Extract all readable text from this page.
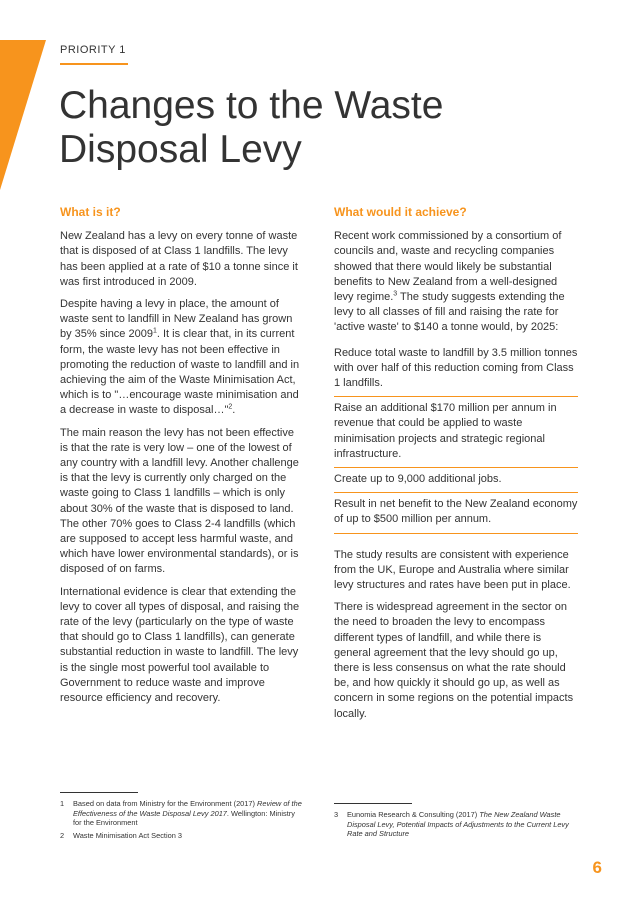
PRIORITY 1
Changes to the Waste
Disposal Levy
What is it?

New Zealand has a levy on every tonne of waste that is disposed of at Class 1 landfills. The levy has been applied at a rate of $10 a tonne since it was first introduced in 2009.

Despite having a levy in place, the amount of waste sent to landfill in New Zealand has grown by 35% since 2009$^1$. It is clear that, in its current form, the waste levy has not been effective in promoting the reduction of waste to landfill and in achieving the aim of the Waste Minimisation Act, which is to "…encourage waste minimisation and a decrease in waste to disposal…"$^2$.

The main reason the levy has not been effective is that the rate is very low – one of the lowest of any country with a landfill levy. Another challenge is that the levy is currently only charged on the waste going to Class 1 landfills – which is only about 30% of the waste that is disposed to land. The other 70% goes to Class 2-4 landfills (which are supposed to accept less harmful waste, and which have lower environmental standards), or is disposed of on farms.

International evidence is clear that extending the levy to cover all types of disposal, and raising the rate of the levy (particularly on the type of waste that should go to Class 1 landfills), can generate substantial reduction in waste to landfill. The levy is the single most powerful tool available to Government to reduce waste and improve resource efficiency and recovery.

What would it achieve?

Recent work commissioned by a consortium of councils and, waste and recycling companies showed that there would likely be substantial benefits to New Zealand from a well-designed levy regime.$^3$ The study suggests extending the levy to all classes of fill and raising the rate for 'active waste' to $140 a tonne would, by 2025:

Reduce total waste to landfill by 3.5 million tonnes with over half of this reduction coming from Class 1 landfills.
Raise an additional $170 million per annum in revenue that could be applied to waste minimisation projects and strategic regional infrastructure.
Create up to 9,000 additional jobs.
Result in net benefit to the New Zealand economy of up to $500 million per annum.

The study results are consistent with experience from the UK, Europe and Australia where similar levy structures and rates have been put in place.

There is widespread agreement in the sector on the need to broaden the levy to encompass different types of landfill, and while there is general agreement that the levy should go up, there is less consensus on what the rate should be, and how quickly it should go up, as well as concern in some regions on the potential impacts locally.

1 Based on data from Ministry for the Environment (2017) Review of the Effectiveness of the Waste Disposal Levy 2017. Wellington: Ministry for the Environment
2 Waste Minimisation Act Section 3
3 Eunomia Research & Consulting (2017) The New Zealand Waste Disposal Levy, Potential Impacts of Adjustments to the Current Levy Rate and Structure
6
